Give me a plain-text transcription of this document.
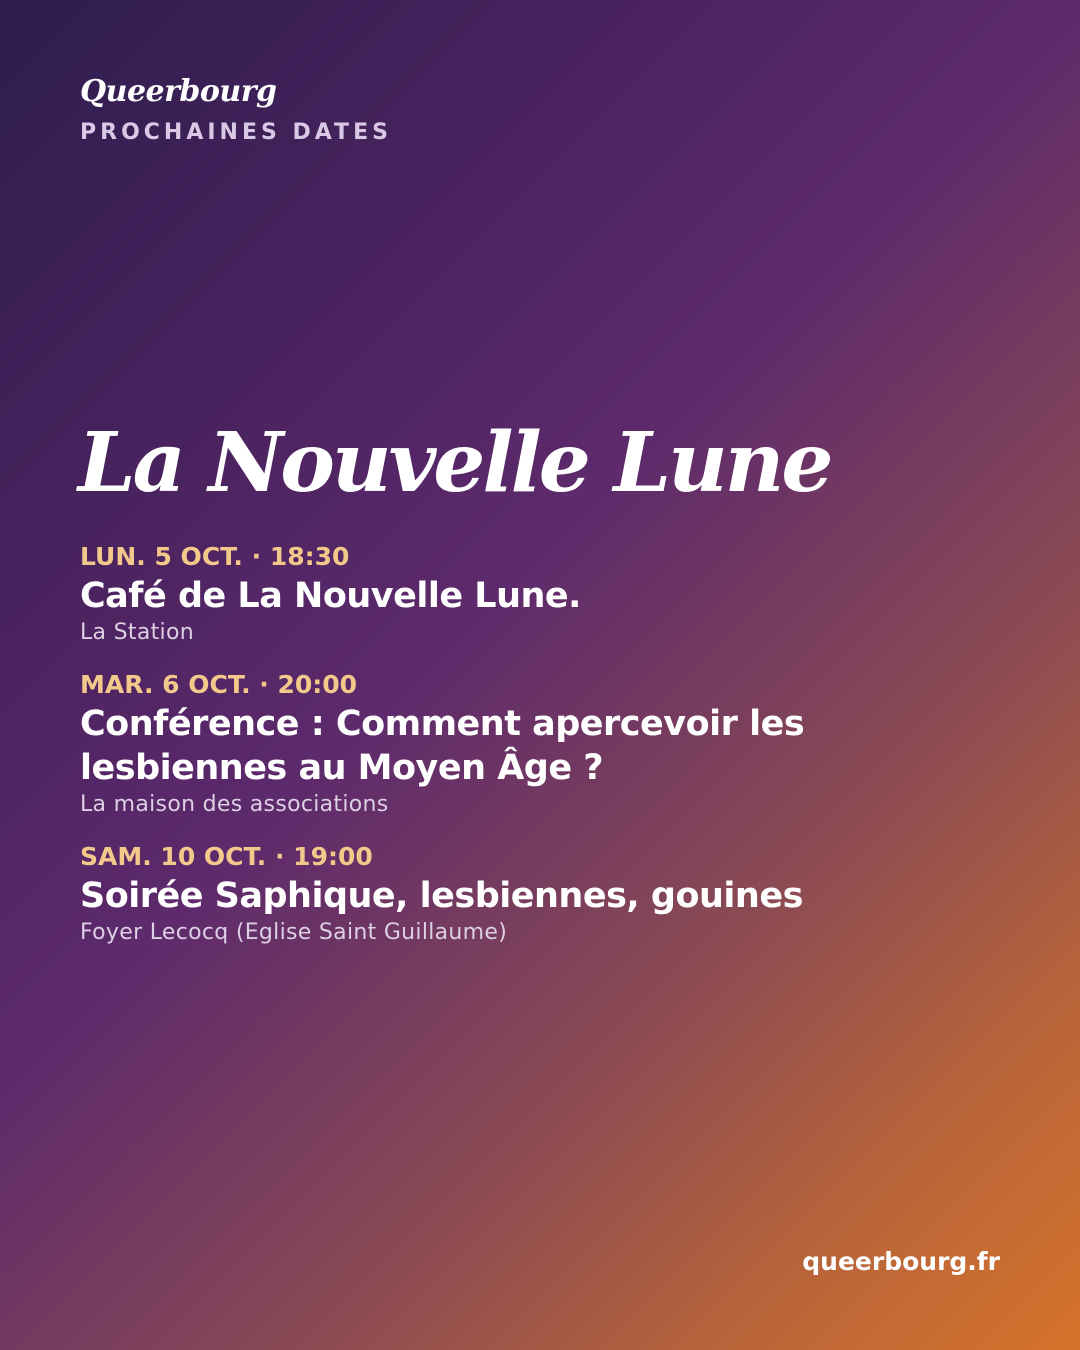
Queerbourg
PROCHAINES DATES
La Nouvelle Lune
LUN. 5 OCT. · 18:30
Café de La Nouvelle Lune.
La Station
MAR. 6 OCT. · 20:00
Conférence : Comment apercevoir les lesbiennes au Moyen Âge ?
La maison des associations
SAM. 10 OCT. · 19:00
Soirée Saphique, lesbiennes, gouines
Foyer Lecocq (Eglise Saint Guillaume)
queerbourg.fr
